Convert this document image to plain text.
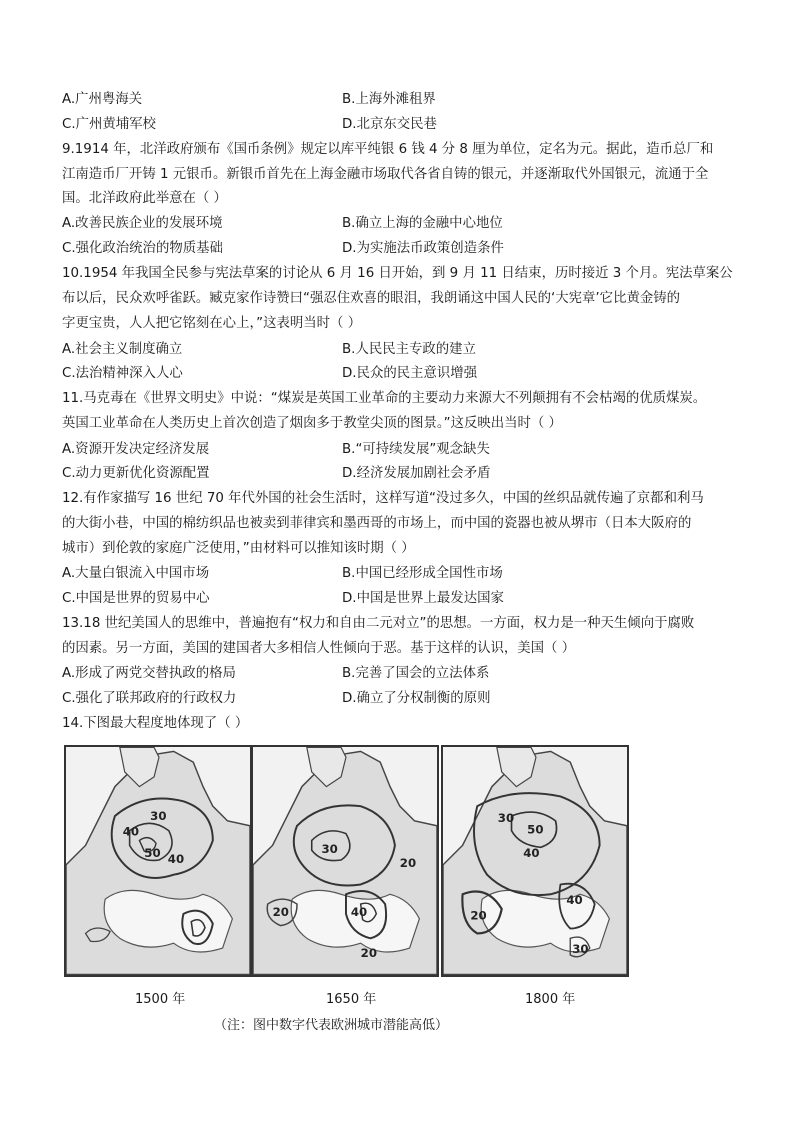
A.广州粤海关	B.上海外滩租界
C.广州黄埔军校	D.北京东交民巷
9.1914 年，北洋政府颁布《国币条例》规定以库平纯银 6 钱 4 分 8 厘为单位，定名为元。据此，造币总厂和
江南造币厂开铸 1 元银币。新银币首先在上海金融市场取代各省自铸的银元，并逐渐取代外国银元，流通于全
国。北洋政府此举意在（ ）
A.改善民族企业的发展环境	B.确立上海的金融中心地位
C.强化政治统治的物质基础	D.为实施法币政策创造条件
10.1954 年我国全民参与宪法草案的讨论从 6 月 16 日开始，到 9 月 11 日结束，历时接近 3 个月。宪法草案公
布以后，民众欢呼雀跃。臧克家作诗赞曰“强忍住欢喜的眼泪，我朗诵这中国人民的‘大宪章’它比黄金铸的
字更宝贵，人人把它铭刻在心上，”这表明当时（ ）
A.社会主义制度确立	B.人民民主专政的建立
C.法治精神深入人心	D.民众的民主意识增强
11.马克毒在《世界文明史》中说：“煤炭是英国工业革命的主要动力来源大不列颠拥有不会枯竭的优质煤炭。
英国工业革命在人类历史上首次创造了烟囱多于教堂尖顶的图景。”这反映出当时（ ）
A.资源开发决定经济发展	B.“可持续发展”观念缺失
C.动力更新优化资源配置	D.经济发展加剧社会矛盾
12.有作家描写 16 世纪 70 年代外国的社会生活时，这样写道“没过多久，中国的丝织品就传遍了京都和利马
的大街小巷，中国的棉纺织品也被卖到菲律宾和墨西哥的市场上，而中国的瓷器也被从堺市（日本大阪府的
城市）到伦敦的家庭广泛使用，”由材料可以推知该时期（ ）
A.大量白银流入中国市场	B.中国已经形成全国性市场
C.中国是世界的贸易中心	D.中国是世界上最发达国家
13.18 世纪美国人的思维中，普遍抱有“权力和自由二元对立”的思想。一方面，权力是一种天生倾向于腐败
的因素。另一方面，美国的建国者大多相信人性倾向于恶。基于这样的认识，美国（ ）
A.形成了两党交替执政的格局	B.完善了国会的立法体系
C.强化了联邦政府的行政权力	D.确立了分权制衡的原则
14.下图最大程度地体现了（ ）
30
40
50
40
20
30
40
20
20
30
50
40
20
40
30
1500 年	1650 年	1800 年
（注：图中数字代表欧洲城市潜能高低）
